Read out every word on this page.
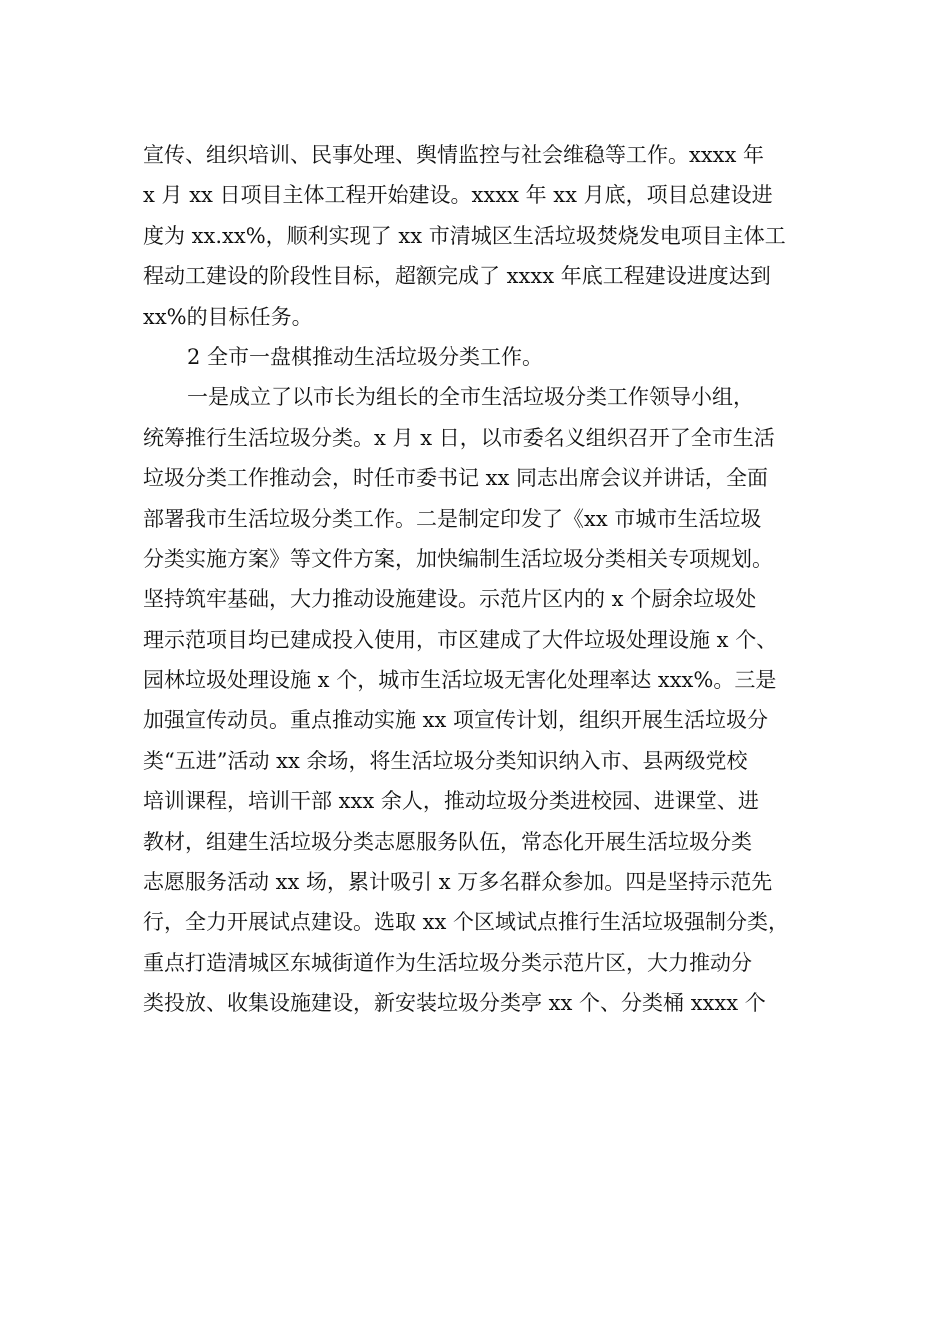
宣传、组织培训、民事处理、舆情监控与社会维稳等工作。xxxx 年
x 月 xx 日项目主体工程开始建设。xxxx 年 xx 月底，项目总建设进
度为 xx.xx%，顺利实现了 xx 市清城区生活垃圾焚烧发电项目主体工
程动工建设的阶段性目标，超额完成了 xxxx 年底工程建设进度达到
xx%的目标任务。
2 全市一盘棋推动生活垃圾分类工作。
一是成立了以市长为组长的全市生活垃圾分类工作领导小组，
统筹推行生活垃圾分类。x 月 x 日，以市委名义组织召开了全市生活
垃圾分类工作推动会，时任市委书记 xx 同志出席会议并讲话，全面
部署我市生活垃圾分类工作。二是制定印发了《xx 市城市生活垃圾
分类实施方案》等文件方案，加快编制生活垃圾分类相关专项规划。
坚持筑牢基础，大力推动设施建设。示范片区内的 x 个厨余垃圾处
理示范项目均已建成投入使用，市区建成了大件垃圾处理设施 x 个、
园林垃圾处理设施 x 个，城市生活垃圾无害化处理率达 xxx%。三是
加强宣传动员。重点推动实施 xx 项宣传计划，组织开展生活垃圾分
类“五进”活动 xx 余场，将生活垃圾分类知识纳入市、县两级党校
培训课程，培训干部 xxx 余人，推动垃圾分类进校园、进课堂、进
教材，组建生活垃圾分类志愿服务队伍，常态化开展生活垃圾分类
志愿服务活动 xx 场，累计吸引 x 万多名群众参加。四是坚持示范先
行，全力开展试点建设。选取 xx 个区域试点推行生活垃圾强制分类，
重点打造清城区东城街道作为生活垃圾分类示范片区，大力推动分
类投放、收集设施建设，新安装垃圾分类亭 xx 个、分类桶 xxxx 个
